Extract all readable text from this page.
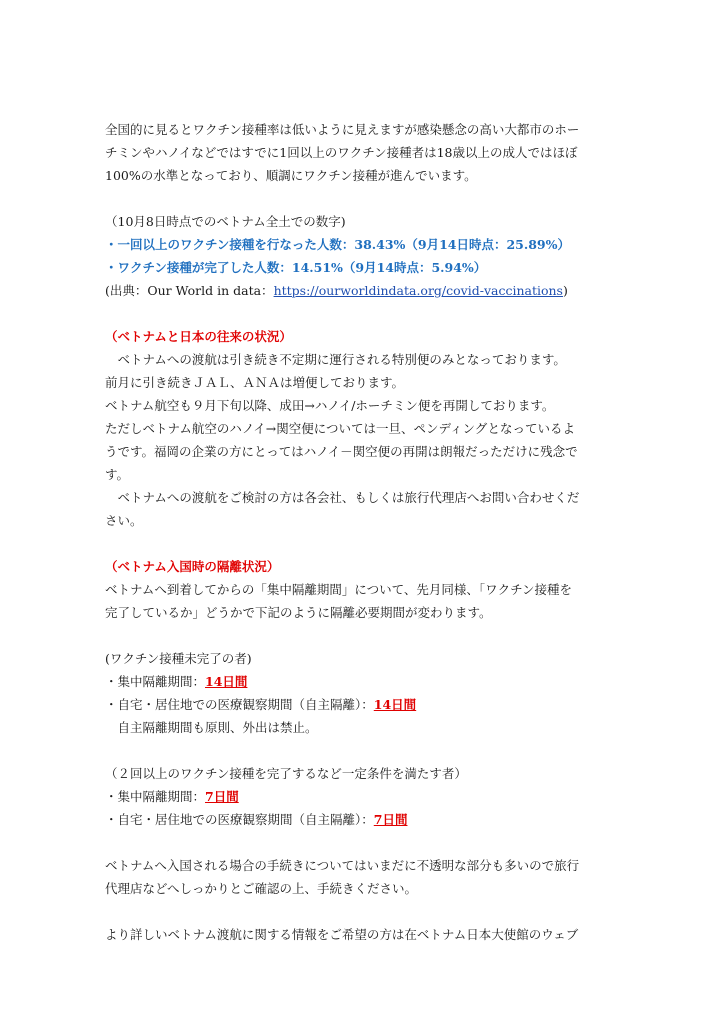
全国的に見るとワクチン接種率は低いように見えますが感染懸念の高い大都市のホー

チミンやハノイなどではすでに1回以上のワクチン接種者は18歳以上の成人ではほぼ

100%の水準となっており、順調にワクチン接種が進んでいます。

（10月8日時点でのベトナム全土での数字)

・一回以上のワクチン接種を行なった人数：38.43%（9月14日時点：25.89%）

・ワクチン接種が完了した人数：14.51%（9月14時点：5.94%）

(出典：Our World in data：https://ourworldindata.org/covid-vaccinations)

（ベトナムと日本の往来の状況）

　ベトナムへの渡航は引き続き不定期に運行される特別便のみとなっております。

前月に引き続きＪＡＬ、ＡＮＡは増便しております。

ベトナム航空も９月下旬以降、成田→ハノイ/ホーチミン便を再開しております。

ただしベトナム航空のハノイ→関空便については一旦、ペンディングとなっているよ

うです。福岡の企業の方にとってはハノイ－関空便の再開は朗報だっただけに残念で

す。

　ベトナムへの渡航をご検討の方は各会社、もしくは旅行代理店へお問い合わせくだ

さい。

（ベトナム入国時の隔離状況）

ベトナムへ到着してからの「集中隔離期間」について、先月同様、「ワクチン接種を

完了しているか」どうかで下記のように隔離必要期間が変わります。

(ワクチン接種未完了の者)

・集中隔離期間：14日間

・自宅・居住地での医療観察期間（自主隔離）：14日間

　自主隔離期間も原則、外出は禁止。

（２回以上のワクチン接種を完了するなど一定条件を満たす者）

・集中隔離期間：7日間

・自宅・居住地での医療観察期間（自主隔離）：7日間

ベトナムへ入国される場合の手続きについてはいまだに不透明な部分も多いので旅行

代理店などへしっかりとご確認の上、手続きください。

より詳しいベトナム渡航に関する情報をご希望の方は在ベトナム日本大使館のウェブ
